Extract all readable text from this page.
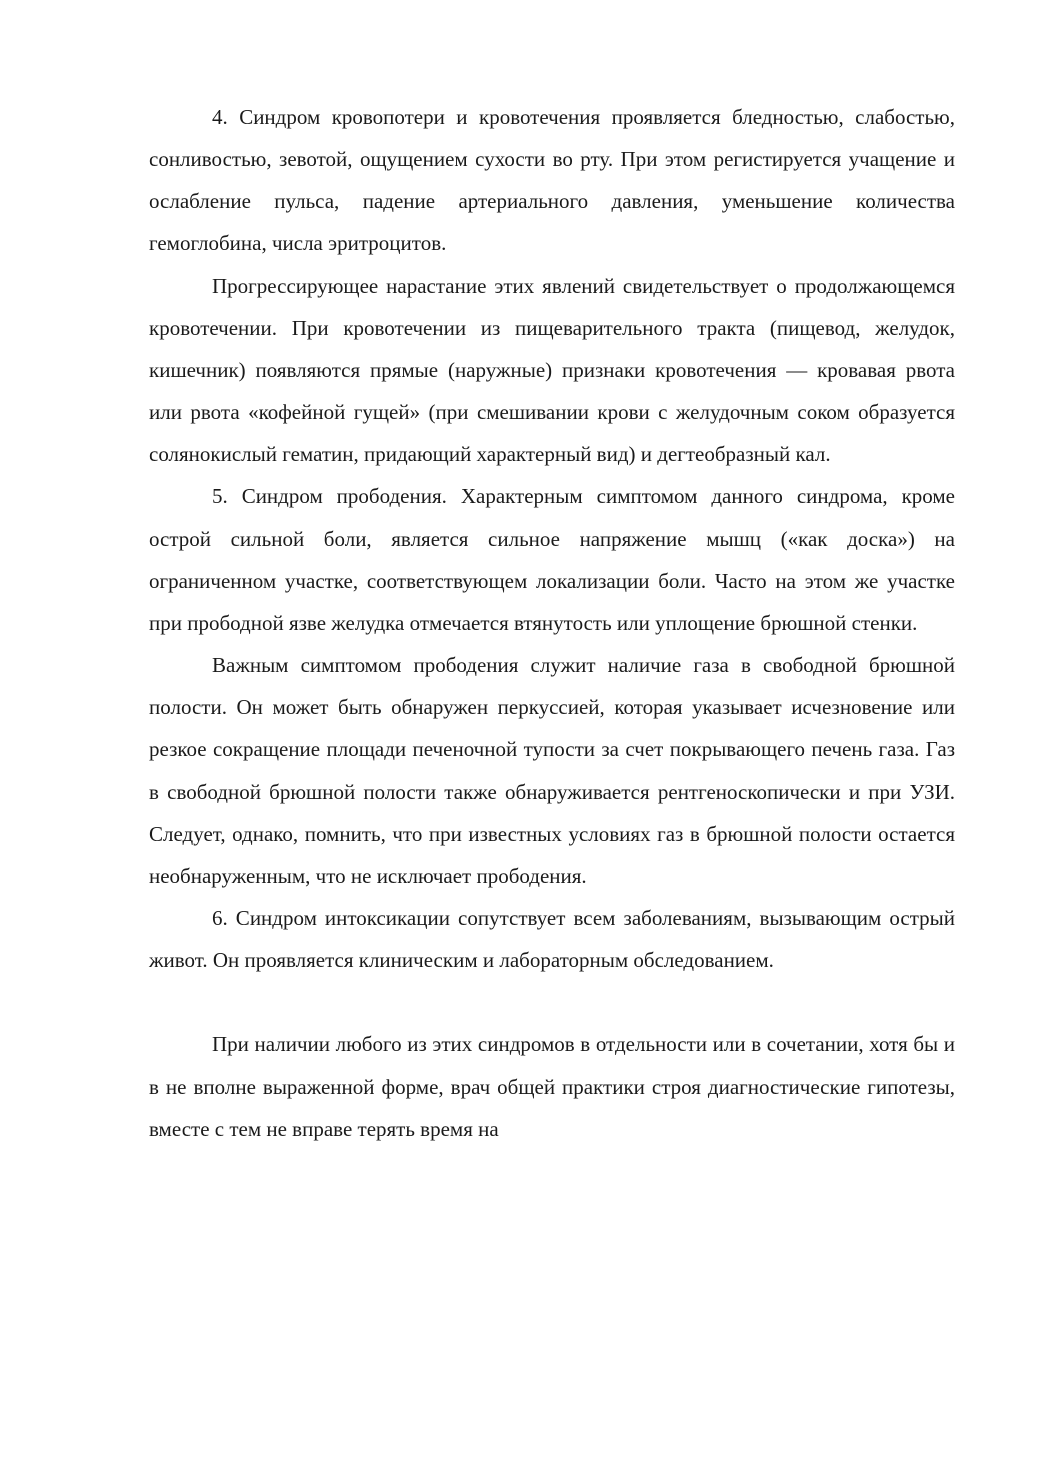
4. Синдром кровопотери и кровотечения проявляется бледностью, слабостью, сонливостью, зевотой, ощущением сухости во рту. При этом регистируется учащение и ослабление пульса, падение артериального давления, уменьшение количества гемоглобина, числа эритроцитов.

Прогрессирующее нарастание этих явлений свидетельствует о продолжающемся кровотечении. При кровотечении из пищеварительного тракта (пищевод, желудок, кишечник) появляются прямые (наружные) признаки кровотечения — кровавая рвота или рвота «кофейной гущей» (при смешивании крови с желудочным соком образуется солянокислый гематин, придающий характерный вид) и дегтеобразный кал.

5. Синдром прободения. Характерным симптомом данного синдрома, кроме острой сильной боли, является сильное напряжение мышц («как доска») на ограниченном участке, соответствующем локализации боли. Часто на этом же участке при прободной язве желудка отмечается втянутость или уплощение брюшной стенки.

Важным симптомом прободения служит наличие газа в свободной брюшной полости. Он может быть обнаружен перкуссией, которая указывает исчезновение или резкое сокращение площади печеночной тупости за счет покрывающего печень газа. Газ в свободной брюшной полости также обнаруживается рентгеноскопически и при УЗИ. Следует, однако, помнить, что при известных условиях газ в брюшной полости остается необнаруженным, что не исключает прободения.

6. Синдром интоксикации сопутствует всем заболеваниям, вызывающим острый живот. Он проявляется клиническим и лабораторным обследованием.

При наличии любого из этих синдромов в отдельности или в сочетании, хотя бы и в не вполне выраженной форме, врач общей практики строя диагностические гипотезы, вместе с тем не вправе терять время на
